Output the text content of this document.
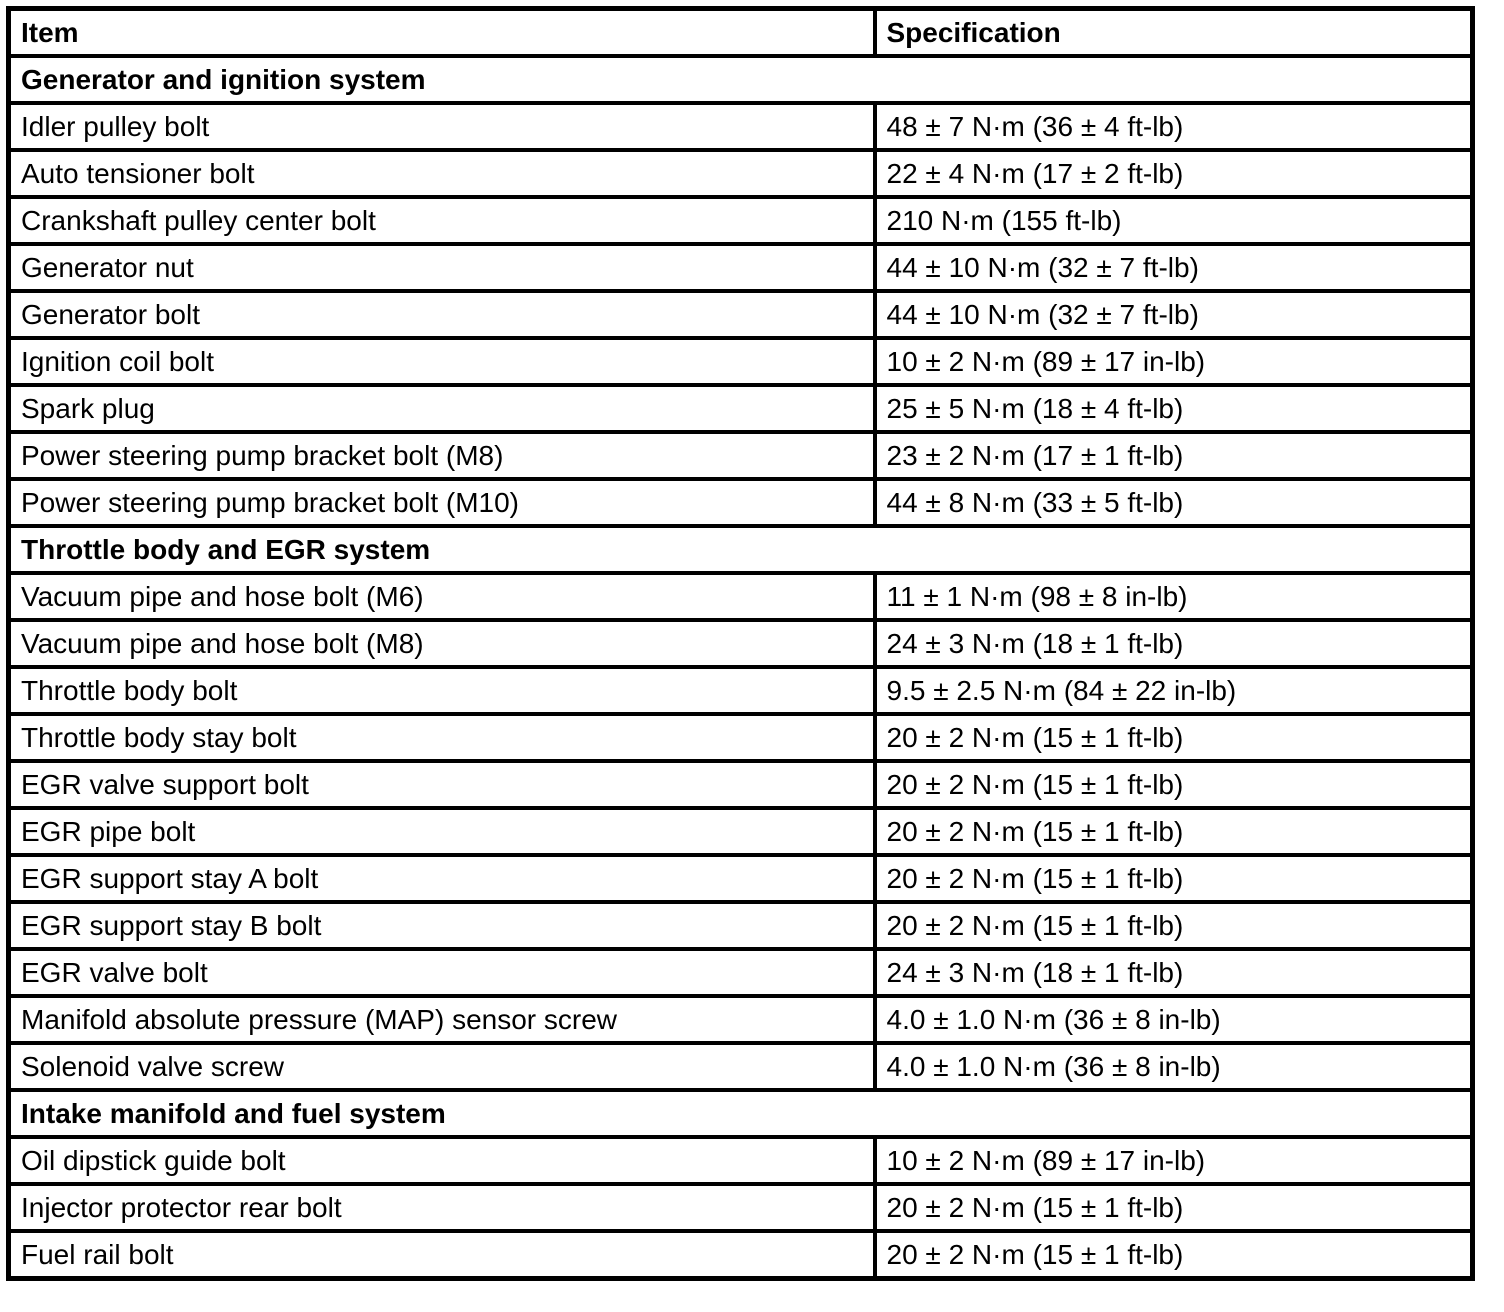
Item	Specification
Generator and ignition system	
Idler pulley bolt	48 ± 7 N·m (36 ± 4 ft-lb)
Auto tensioner bolt	22 ± 4 N·m (17 ± 2 ft-lb)
Crankshaft pulley center bolt	210 N·m (155 ft-lb)
Generator nut	44 ± 10 N·m (32 ± 7 ft-lb)
Generator bolt	44 ± 10 N·m (32 ± 7 ft-lb)
Ignition coil bolt	10 ± 2 N·m (89 ± 17 in-lb)
Spark plug	25 ± 5 N·m (18 ± 4 ft-lb)
Power steering pump bracket bolt (M8)	23 ± 2 N·m (17 ± 1 ft-lb)
Power steering pump bracket bolt (M10)	44 ± 8 N·m (33 ± 5 ft-lb)
Throttle body and EGR system	
Vacuum pipe and hose bolt (M6)	11 ± 1 N·m (98 ± 8 in-lb)
Vacuum pipe and hose bolt (M8)	24 ± 3 N·m (18 ± 1 ft-lb)
Throttle body bolt	9.5 ± 2.5 N·m (84 ± 22 in-lb)
Throttle body stay bolt	20 ± 2 N·m (15 ± 1 ft-lb)
EGR valve support bolt	20 ± 2 N·m (15 ± 1 ft-lb)
EGR pipe bolt	20 ± 2 N·m (15 ± 1 ft-lb)
EGR support stay A bolt	20 ± 2 N·m (15 ± 1 ft-lb)
EGR support stay B bolt	20 ± 2 N·m (15 ± 1 ft-lb)
EGR valve bolt	24 ± 3 N·m (18 ± 1 ft-lb)
Manifold absolute pressure (MAP) sensor screw	4.0 ± 1.0 N·m (36 ± 8 in-lb)
Solenoid valve screw	4.0 ± 1.0 N·m (36 ± 8 in-lb)
Intake manifold and fuel system	
Oil dipstick guide bolt	10 ± 2 N·m (89 ± 17 in-lb)
Injector protector rear bolt	20 ± 2 N·m (15 ± 1 ft-lb)
Fuel rail bolt	20 ± 2 N·m (15 ± 1 ft-lb)
